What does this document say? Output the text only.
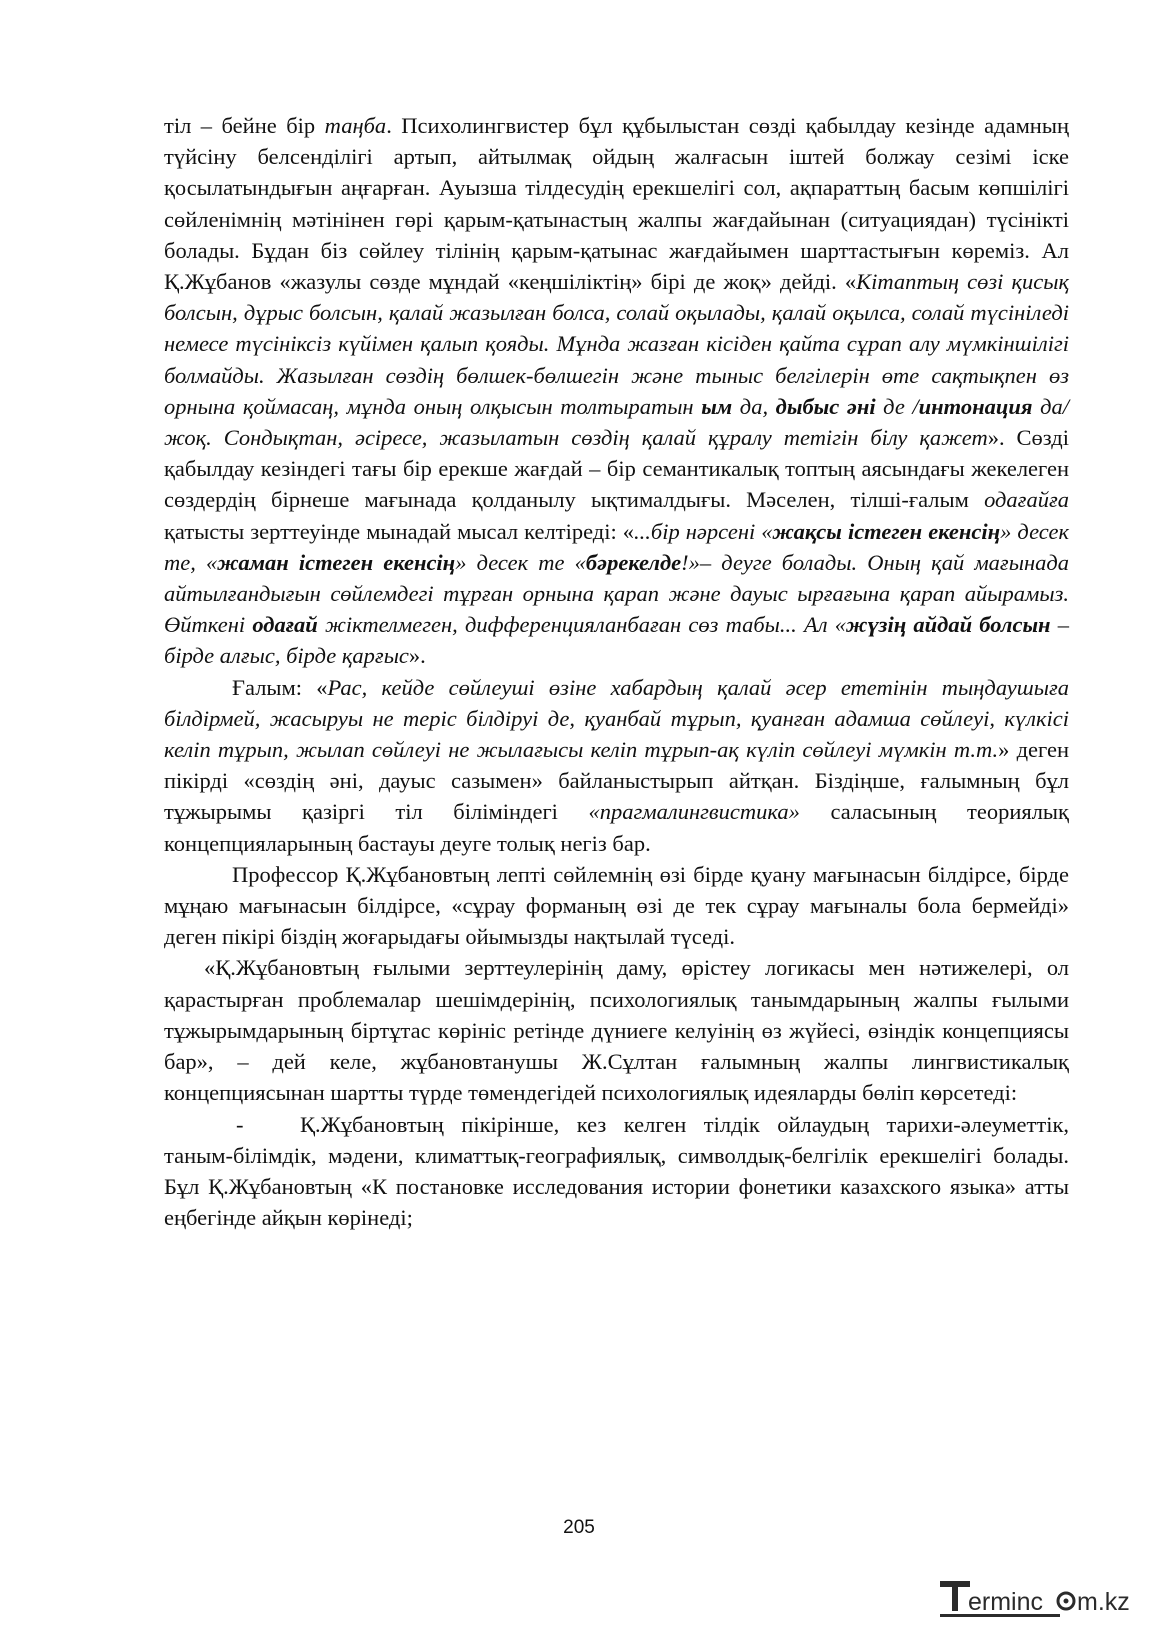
тіл – бейне бір таңба. Психолингвистер бұл құбылыстан сөзді қабылдау кезінде адамның түйсіну белсенділігі артып, айтылмақ ойдың жалғасын іштей болжау сезімі іске қосылатындығын аңғарған. Ауызша тілдесудің ерекшелігі сол, ақпараттың басым көпшілігі сөйленімнің мәтінінен гөрі қарым-қатынастың жалпы жағдайынан (ситуациядан) түсінікті болады. Бұдан біз сөйлеу тілінің қарым-қатынас жағдайымен шарттастығын көреміз. Ал Қ.Жұбанов «жазулы сөзде мұндай «кеңшіліктің» бірі де жоқ» дейді. «Кітаптың сөзі қисық болсын, дұрыс болсын, қалай жазылған болса, солай оқылады, қалай оқылса, солай түсініледі немесе түсініксіз күйімен қалып қояды. Мұнда жазған кісіден қайта сұрап алу мүмкіншілігі болмайды. Жазылған сөздің бөлшек-бөлшегін және тыныс белгілерін өте сақтықпен өз орнына қоймасаң, мұнда оның олқысын толтыратын ым да, дыбыс әні де /интонация да/ жоқ. Сондықтан, әсіресе, жазылатын сөздің қалай құралу тетігін білу қажет». Сөзді қабылдау кезіндегі тағы бір ерекше жағдай – бір семантикалық топтың аясындағы жекелеген сөздердің бірнеше мағынада қолданылу ықтималдығы. Мәселен, тілші-ғалым одағайға қатысты зерттеуінде мынадай мысал келтіреді: «...бір нәрсені «жақсы істеген екенсің» десек те, «жаман істеген екенсің» десек те «бәрекелде!»– деуге болады. Оның қай мағынада айтылғандығын сөйлемдегі тұрған орнына қарап және дауыс ырғағына қарап айырамыз. Өйткені одағай жіктелмеген, дифференцияланбаған сөз табы... Ал «жүзің айдай болсын – бірде алғыс, бірде қарғыс».

Ғалым: «Рас, кейде сөйлеуші өзіне хабардың қалай әсер ететінін тыңдаушыға білдірмей, жасыруы не теріс білдіруі де, қуанбай тұрып, қуанған адамша сөйлеуі, күлкісі келіп тұрып, жылап сөйлеуі не жылағысы келіп тұрып-ақ күліп сөйлеуі мүмкін т.т.» деген пікірді «сөздің әні, дауыс сазымен» байланыстырып айтқан. Біздіңше, ғалымның бұл тұжырымы қазіргі тіл біліміндегі «прагмалингвистика» саласының теориялық концепцияларының бастауы деуге толық негіз бар.

Профессор Қ.Жұбановтың лепті сөйлемнің өзі бірде қуану мағынасын білдірсе, бірде мұңаю мағынасын білдірсе, «сұрау форманың өзі де тек сұрау мағыналы бола бермейді» деген пікірі біздің жоғарыдағы ойымызды нақтылай түседі.

«Қ.Жұбановтың ғылыми зерттеулерінің даму, өрістеу логикасы мен нәтижелері, ол қарастырған проблемалар шешімдерінің, психологиялық танымдарының жалпы ғылыми тұжырымдарының біртұтас көрініс ретінде дүниеге келуінің өз жүйесі, өзіндік концепциясы бар», – дей келе, жұбановтанушы Ж.Сұлтан ғалымның жалпы лингвистикалық концепциясынан шартты түрде төмендегідей психологиялық идеяларды бөліп көрсетеді:

-	Қ.Жұбановтың пікірінше, кез келген тілдік ойлаудың тарихи-әлеуметтік, таным-білімдік, мәдени, климаттық-географиялық, символдық-белгілік ерекшелігі болады. Бұл Қ.Жұбановтың «К постановке исследования истории фонетики казахского языка» атты еңбегінде айқын көрінеді;

205
erminc m.kz
